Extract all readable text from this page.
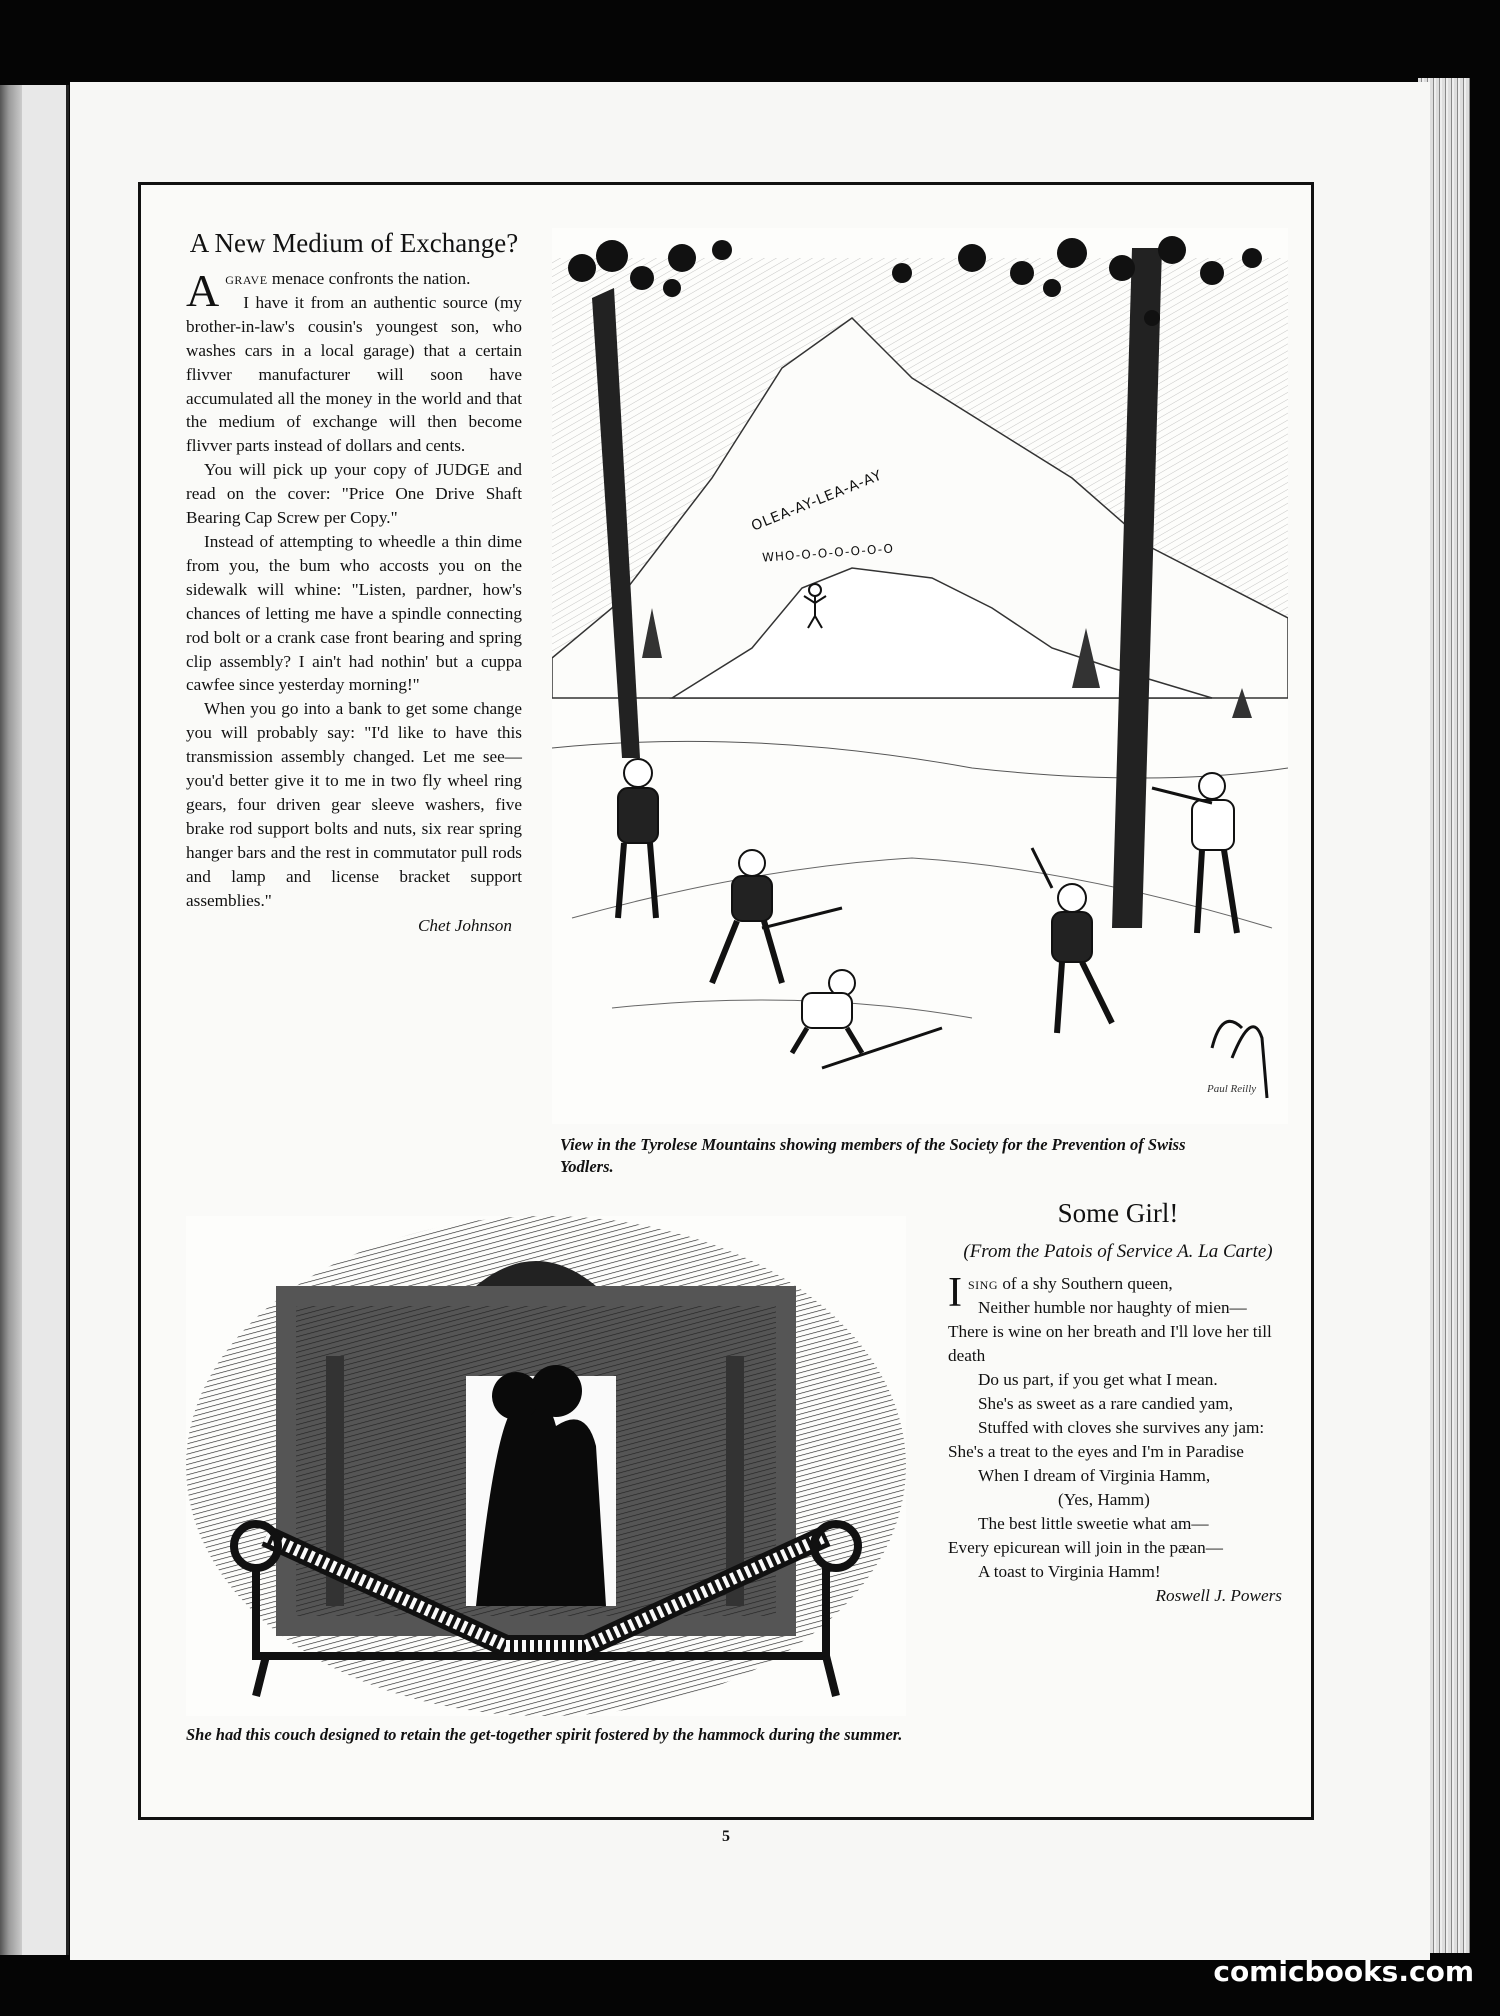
A New Medium of Exchange?

Agrave menace confronts the nation.

I have it from an authentic source (my brother-in-law's cousin's youngest son, who washes cars in a local garage) that a certain flivver manufacturer will soon have accumulated all the money in the world and that the medium of exchange will then become flivver parts instead of dollars and cents.

You will pick up your copy of JUDGE and read on the cover: "Price One Drive Shaft Bearing Cap Screw per Copy."

Instead of attempting to wheedle a thin dime from you, the bum who accosts you on the sidewalk will whine: "Listen, pardner, how's chances of letting me have a spindle connecting rod bolt or a crank case front bearing and spring clip assembly? I ain't had nothin' but a cuppa cawfee since yesterday morning!"

When you go into a bank to get some change you will probably say: "I'd like to have this transmission assembly changed. Let me see—you'd better give it to me in two fly wheel ring gears, four driven gear sleeve washers, five brake rod support bolts and nuts, six rear spring hanger bars and the rest in commutator pull rods and lamp and license bracket support assemblies."

Chet Johnson
OLEA-AY-LEA-A-AY
WHO-O-O-O-O-O-O
Paul Reilly
View in the Tyrolese Mountains showing members of the Society for the Prevention of Swiss Yodlers.
She had this couch designed to retain the get-together spirit fostered by the hammock during the summer.
Some Girl!
(From the Patois of Service A. La Carte)
Ising of a shy Southern queen,
Neither humble nor haughty of mien—
There is wine on her breath and I'll love her till death
Do us part, if you get what I mean.
She's as sweet as a rare candied yam,
Stuffed with cloves she survives any jam:
She's a treat to the eyes and I'm in Paradise
When I dream of Virginia Hamm,
(Yes, Hamm)
The best little sweetie what am—
Every epicurean will join in the pæan—
A toast to Virginia Hamm!
Roswell J. Powers
5
comicbooks.com
